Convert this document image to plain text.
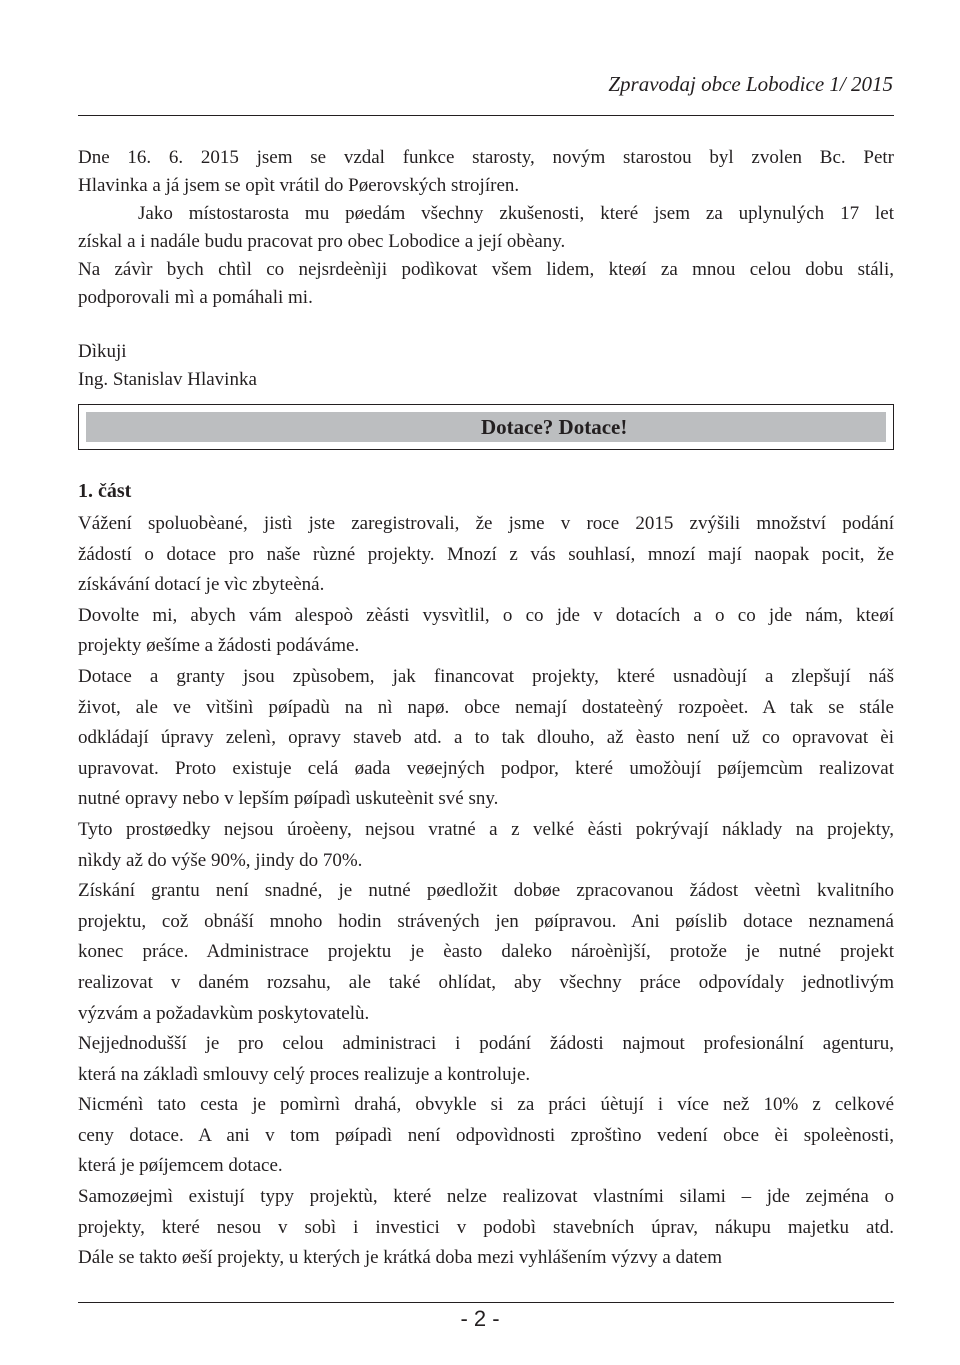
Zpravodaj obce Lobodice 1/ 2015
Dne 16. 6. 2015 jsem se vzdal funkce starosty, novým starostou byl zvolen Bc. Petr
Hlavinka a já jsem se opìt vrátil do Pøerovských strojíren.
Jako místostarosta mu pøedám všechny zkušenosti, které jsem za uplynulých 17 let
získal a i nadále budu pracovat pro obec Lobodice a její obèany.
Na závìr bych chtìl co nejsrdeènìji podìkovat všem lidem, kteøí za mnou celou dobu stáli,
podporovali mì a pomáhali mi.
Dìkuji
Ing. Stanislav Hlavinka
Dotace? Dotace!
1. část
Vážení spoluobèané, jistì jste zaregistrovali, že jsme v roce 2015 zvýšili množství podání
žádostí o dotace pro naše rùzné projekty. Mnozí z vás souhlasí, mnozí mají naopak pocit, že
získávání dotací je vìc zbyteèná.
Dovolte mi, abych vám alespoò zèásti vysvìtlil, o co jde v dotacích a o co jde nám, kteøí
projekty øešíme a žádosti podáváme.
Dotace a granty jsou zpùsobem, jak financovat projekty, které usnadòují a zlepšují náš
život, ale ve vìtšinì pøípadù na nì napø. obce nemají dostateèný rozpoèet. A tak se stále
odkládají úpravy zelenì, opravy staveb atd. a to tak dlouho, až èasto není už co opravovat èi
upravovat. Proto existuje celá øada veøejných podpor, které umožòují pøíjemcùm realizovat
nutné opravy nebo v lepším pøípadì uskuteènit své sny.
Tyto prostøedky nejsou úroèeny, nejsou vratné a z velké èásti pokrývají náklady na projekty,
nìkdy až do výše 90%, jindy do 70%.
Získání grantu není snadné, je nutné pøedložit dobøe zpracovanou žádost vèetnì kvalitního
projektu, což obnáší mnoho hodin strávených jen pøípravou. Ani pøíslib dotace neznamená
konec práce. Administrace projektu je èasto daleko nároènìjší, protože je nutné projekt
realizovat v daném rozsahu, ale také ohlídat, aby všechny práce odpovídaly jednotlivým
výzvám a požadavkùm poskytovatelù.
Nejjednodušší je pro celou administraci i podání žádosti najmout profesionální agenturu,
která na základì smlouvy celý proces realizuje a kontroluje.
Nicménì tato cesta je pomìrnì drahá, obvykle si za práci úètují i více než 10% z celkové
ceny dotace. A ani v tom pøípadì není odpovìdnosti zproštìno vedení obce èi spoleènosti,
která je pøíjemcem dotace.
Samozøejmì existují typy projektù, které nelze realizovat vlastními silami – jde zejména o
projekty, které nesou v sobì i investici v podobì stavebních úprav, nákupu majetku atd.
Dále se takto øeší projekty, u kterých je krátká doba mezi vyhlášením výzvy a datem
- 2 -
